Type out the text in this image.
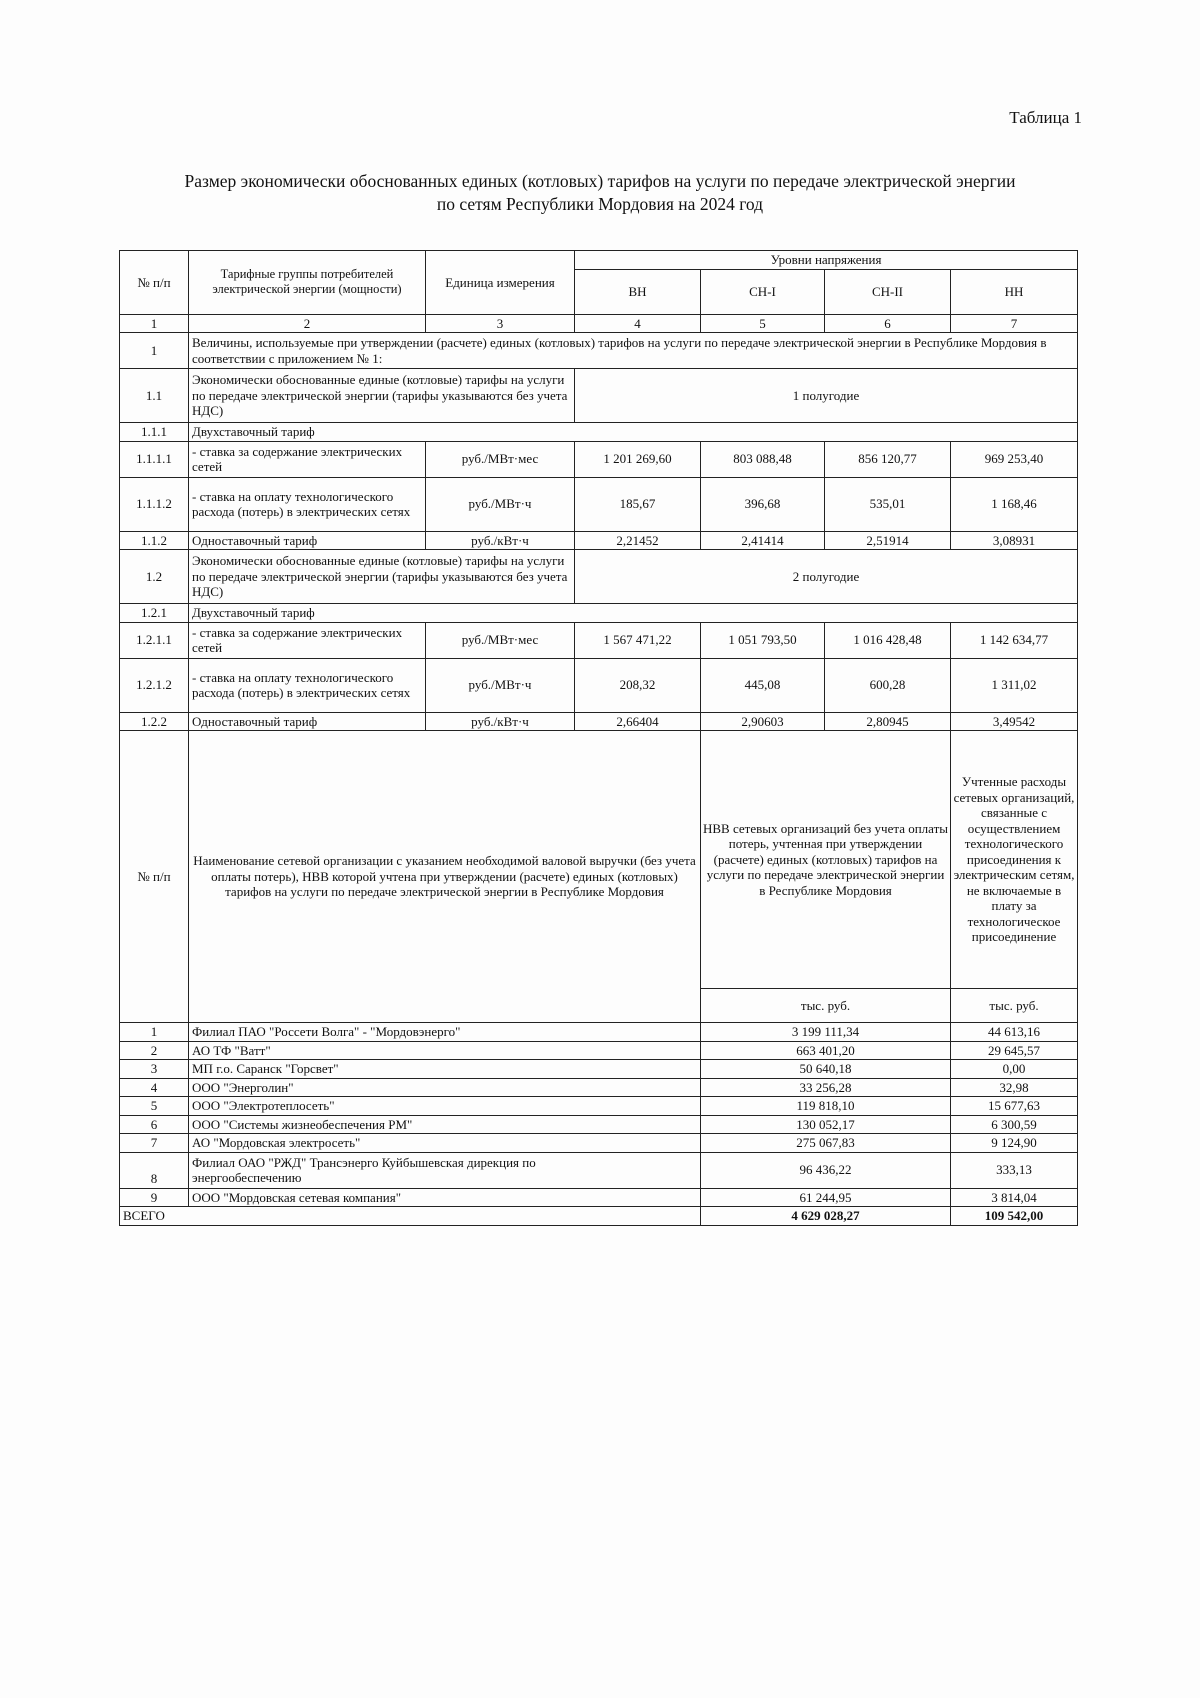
Таблица 1
Размер экономически обоснованных единых (котловых) тарифов на услуги по передаче электрической энергии
по сетям Республики Мордовия на 2024 год
№ п/п	Тарифные группы потребителей электрической энергии (мощности)	Единица измерения	Уровни напряжения				
			ВН	СН-I	СН-II	НН	
1	2	3	4	5	6	7	
1	Величины, используемые при утверждении (расчете) единых (котловых) тарифов на услуги по передаче электрической энергии в Республике Мордовия в соответствии с приложением № 1:						
1.1	Экономически обоснованные единые (котловые) тарифы на услуги по передаче электрической энергии (тарифы указываются без учета НДС)		1 полугодие				
1.1.1	Двухставочный тариф						
1.1.1.1	- ставка за содержание электрических сетей	руб./МВт·мес	1 201 269,60	803 088,48	856 120,77	969 253,40	
1.1.1.2	- ставка на оплату технологического расхода (потерь) в электрических сетях	руб./МВт·ч	185,67	396,68	535,01	1 168,46	
1.1.2	Одноставочный тариф	руб./кВт·ч	2,21452	2,41414	2,51914	3,08931	
1.2	Экономически обоснованные единые (котловые) тарифы на услуги по передаче электрической энергии (тарифы указываются без учета НДС)		2 полугодие				
1.2.1	Двухставочный тариф						
1.2.1.1	- ставка за содержание электрических сетей	руб./МВт·мес	1 567 471,22	1 051 793,50	1 016 428,48	1 142 634,77	
1.2.1.2	- ставка на оплату технологического расхода (потерь) в электрических сетях	руб./МВт·ч	208,32	445,08	600,28	1 311,02	
1.2.2	Одноставочный тариф	руб./кВт·ч	2,66404	2,90603	2,80945	3,49542	
№ п/п	Наименование сетевой организации с указанием необходимой валовой выручки (без учета оплаты потерь), НВВ которой учтена при утверждении (расчете) единых (котловых) тарифов на услуги по передаче электрической энергии в Республике Мордовия			НВВ сетевых организаций без учета оплаты потерь, учтенная при утверждении (расчете) единых (котловых) тарифов на услуги по передаче электрической энергии в Республике Мордовия		Учтенные расходы сетевых организаций, связанные с осуществлением технологического присоединения к электрическим сетям, не включаемые в плату за технологическое присоединение	
				тыс. руб.		тыс. руб.	
1	Филиал ПАО "Россети Волга" - "Мордовэнерго"			3 199 111,34		44 613,16	
2	АО ТФ "Ватт"			663 401,20		29 645,57	
3	МП г.о. Саранск "Горсвет"			50 640,18		0,00	
4	ООО "Энерголин"			33 256,28		32,98	
5	ООО "Электротеплосеть"			119 818,10		15 677,63	
6	ООО "Системы жизнеобеспечения РМ"			130 052,17		6 300,59	
7	АО "Мордовская электросеть"			275 067,83		9 124,90	
8	Филиал ОАО "РЖД" Трансэнерго Куйбышевская дирекция по энергообеспечению			96 436,22		333,13	
9	ООО "Мордовская сетевая компания"			61 244,95		3 814,04	
ВСЕГО				4 629 028,27		109 542,00	
